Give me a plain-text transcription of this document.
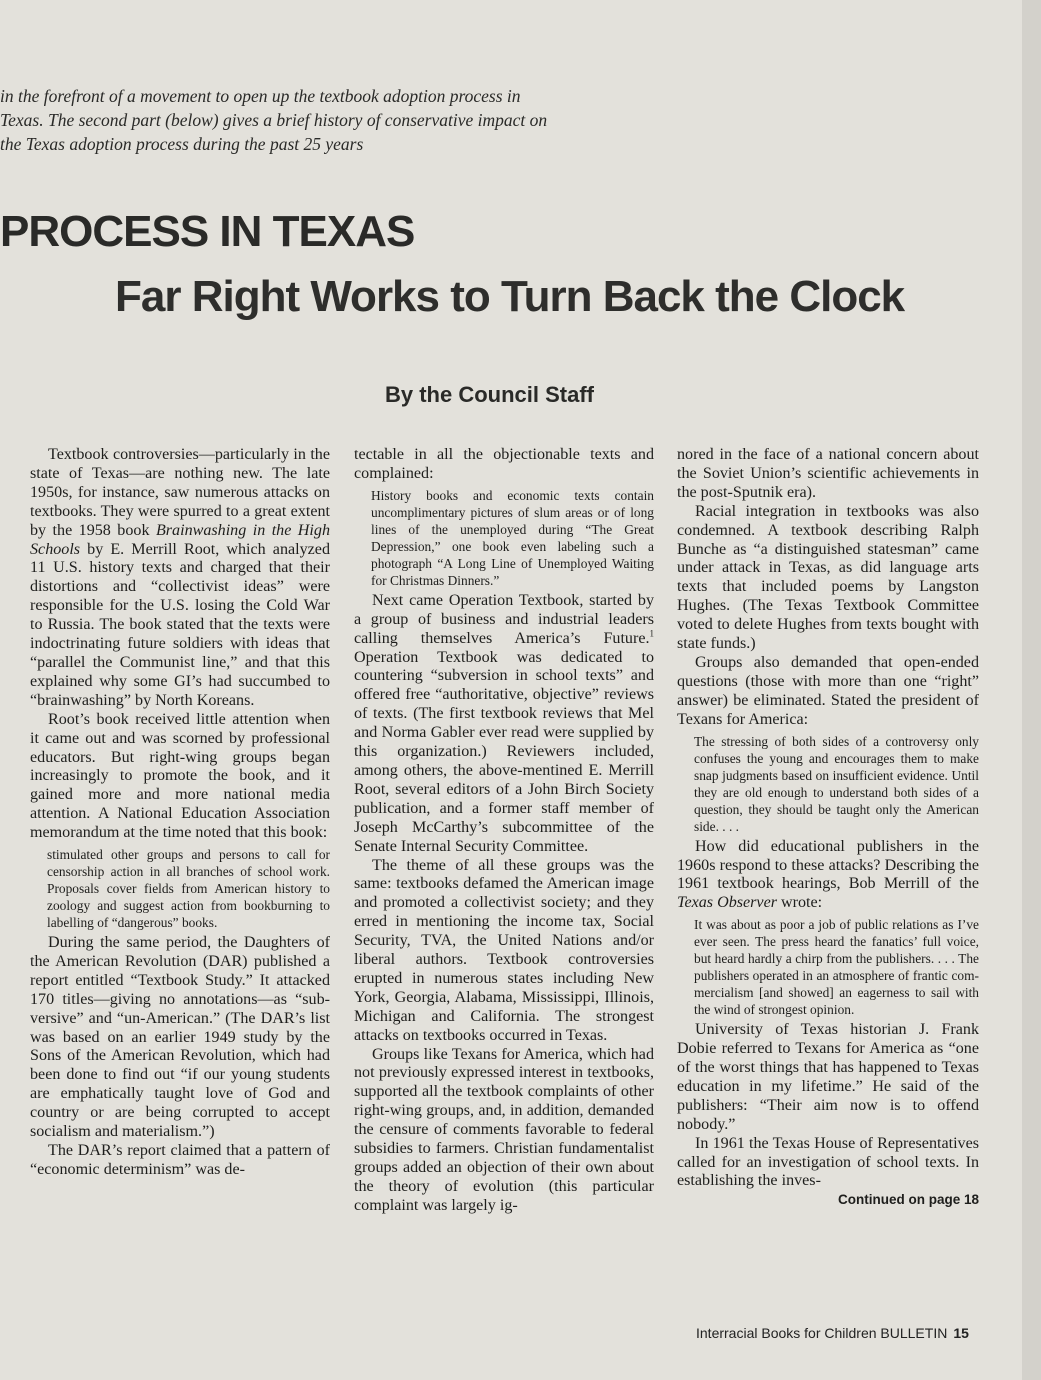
in the forefront of a movement to open up the textbook adoption process in
Texas. The second part (below) gives a brief history of conservative impact on
the Texas adoption process during the past 25 years
PROCESS IN TEXAS
Far Right Works to Turn Back the Clock
By the Council Staff

Textbook controversies—particularly in the state of Texas—are nothing new. The late 1950s, for instance, saw numerous attacks on textbooks. They were spurred to a great extent by the 1958 book Brainwashing in the High Schools by E. Merrill Root, which analyzed 11 U.S. history texts and charged that their distortions and “collectivist ideas” were responsible for the U.S. losing the Cold War to Russia. The book stated that the texts were indoctrinating future soldiers with ideas that “parallel the Communist line,” and that this explained why some GI’s had succumbed to “brainwashing” by North Koreans.

Root’s book received little attention when it came out and was scorned by professional educators. But right-wing groups began increasingly to promote the book, and it gained more and more national media attention. A National Education Association memorandum at the time noted that this book:

stimulated other groups and persons to call for censorship action in all branches of school work. Proposals cover fields from American history to zoology and suggest action from bookburning to labelling of “dangerous” books.

During the same period, the Daughters of the American Revolution (DAR) published a report entitled “Textbook Study.” It attacked 170 titles—giving no annotations—as “subversive” and “un-American.” (The DAR’s list was based on an earlier 1949 study by the Sons of the American Revolution, which had been done to find out “if our young students are emphatically taught love of God and country or are being corrupted to accept socialism and materialism.”)

The DAR’s report claimed that a pattern of “economic determinism” was de-

tectable in all the objectionable texts and complained:

History books and economic texts contain uncomplimentary pictures of slum areas or of long lines of the unemployed during “The Great Depression,” one book even labeling such a photograph “A Long Line of Unemployed Waiting for Christmas Dinners.”

Next came Operation Textbook, started by a group of business and industrial leaders calling themselves America’s Future.$^1$ Operation Textbook was dedicated to countering “subversion in school texts” and offered free “authoritative, objective” reviews of texts. (The first textbook reviews that Mel and Norma Gabler ever read were supplied by this organization.) Reviewers included, among others, the above-mentined E. Merrill Root, several editors of a John Birch Society publication, and a former staff member of Joseph McCarthy’s subcommittee of the Senate Internal Security Committee.

The theme of all these groups was the same: textbooks defamed the American image and promoted a collectivist society; and they erred in mentioning the income tax, Social Security, TVA, the United Nations and/or liberal authors. Textbook controversies erupted in numerous states including New York, Georgia, Alabama, Mississippi, Illinois, Michigan and California. The strongest attacks on textbooks occurred in Texas.

Groups like Texans for America, which had not previously expressed interest in textbooks, supported all the textbook complaints of other right-wing groups, and, in addition, demanded the censure of comments favorable to federal subsidies to farmers. Christian fundamentalist groups added an objection of their own about the theory of evolution (this particular complaint was largely ig-

nored in the face of a national concern about the Soviet Union’s scientific achievements in the post-Sputnik era).

Racial integration in textbooks was also condemned. A textbook describing Ralph Bunche as “a distinguished statesman” came under attack in Texas, as did language arts texts that included poems by Langston Hughes. (The Texas Textbook Committee voted to delete Hughes from texts bought with state funds.)

Groups also demanded that open-ended questions (those with more than one “right” answer) be eliminated. Stated the president of Texans for America:

The stressing of both sides of a controversy only confuses the young and encourages them to make snap judgments based on insufficient evidence. Until they are old enough to understand both sides of a question, they should be taught only the American side. . . .

How did educational publishers in the 1960s respond to these attacks? Describing the 1961 textbook hearings, Bob Merrill of the Texas Observer wrote:

It was about as poor a job of public relations as I’ve ever seen. The press heard the fanatics’ full voice, but heard hardly a chirp from the publishers. . . . The publishers operated in an atmosphere of frantic commercialism [and showed] an eagerness to sail with the wind of strongest opinion.

University of Texas historian J. Frank Dobie referred to Texans for America as “one of the worst things that has happened to Texas education in my lifetime.” He said of the publishers: “Their aim now is to offend nobody.”

In 1961 the Texas House of Representatives called for an investigation of school texts. In establishing the inves-

Continued on page 18
Interracial Books for Children BULLETIN 15
